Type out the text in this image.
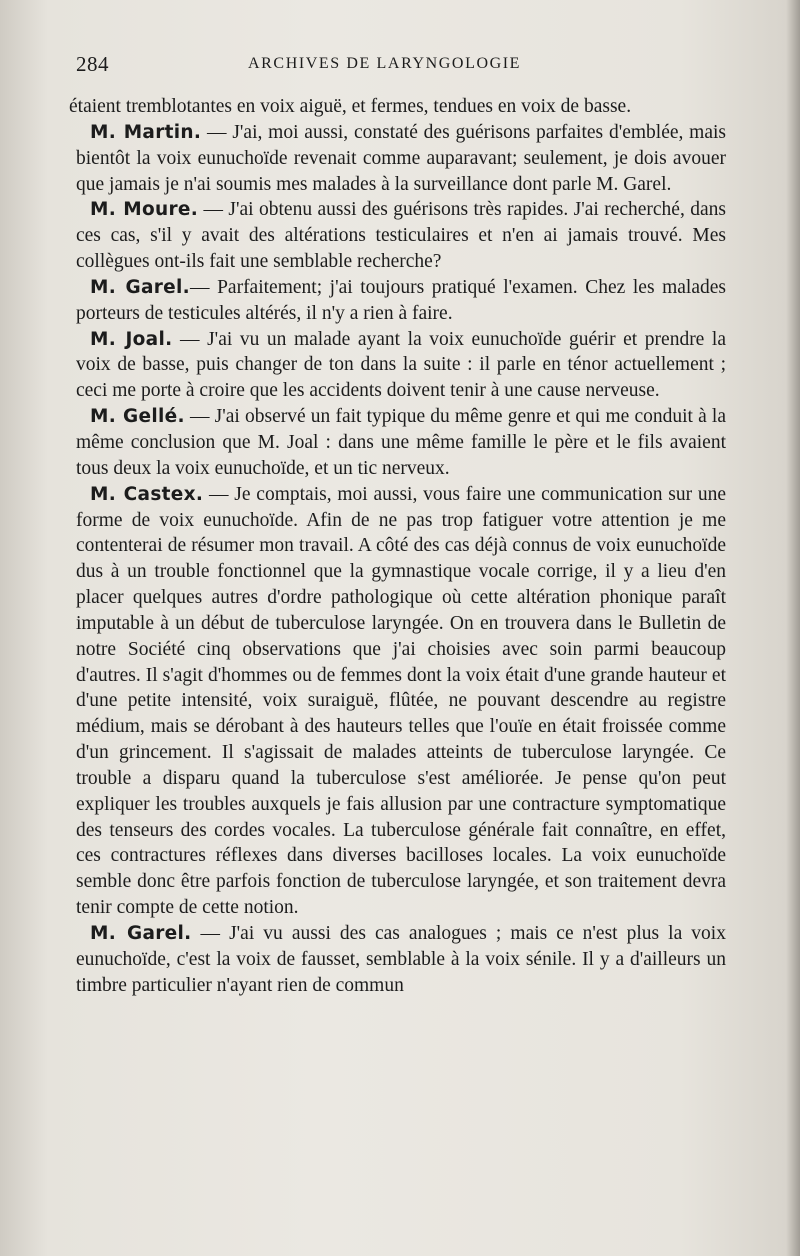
284	ARCHIVES DE LARYNGOLOGIE

étaient tremblotantes en voix aiguë, et fermes, tendues en voix de basse.

M. Martin. — J'ai, moi aussi, constaté des guérisons parfaites d'emblée, mais bientôt la voix eunuchoïde revenait comme auparavant; seulement, je dois avouer que jamais je n'ai soumis mes malades à la surveillance dont parle M. Garel.

M. Moure. — J'ai obtenu aussi des guérisons très rapides. J'ai recherché, dans ces cas, s'il y avait des altérations testiculaires et n'en ai jamais trouvé. Mes collègues ont-ils fait une semblable recherche?

M. Garel.— Parfaitement; j'ai toujours pratiqué l'examen. Chez les malades porteurs de testicules altérés, il n'y a rien à faire.

M. Joal. — J'ai vu un malade ayant la voix eunuchoïde guérir et prendre la voix de basse, puis changer de ton dans la suite : il parle en ténor actuellement ; ceci me porte à croire que les accidents doivent tenir à une cause nerveuse.

M. Gellé. — J'ai observé un fait typique du même genre et qui me conduit à la même conclusion que M. Joal : dans une même famille le père et le fils avaient tous deux la voix eunuchoïde, et un tic nerveux.

M. Castex. — Je comptais, moi aussi, vous faire une communication sur une forme de voix eunuchoïde. Afin de ne pas trop fatiguer votre attention je me contenterai de résumer mon travail. A côté des cas déjà connus de voix eunuchoïde dus à un trouble fonctionnel que la gymnastique vocale corrige, il y a lieu d'en placer quelques autres d'ordre pathologique où cette altération phonique paraît imputable à un début de tuberculose laryngée. On en trouvera dans le Bulletin de notre Société cinq observations que j'ai choisies avec soin parmi beaucoup d'autres. Il s'agit d'hommes ou de femmes dont la voix était d'une grande hauteur et d'une petite intensité, voix suraiguë, flûtée, ne pouvant descendre au registre médium, mais se dérobant à des hauteurs telles que l'ouïe en était froissée comme d'un grincement. Il s'agissait de malades atteints de tuberculose laryngée. Ce trouble a disparu quand la tuberculose s'est améliorée. Je pense qu'on peut expliquer les troubles auxquels je fais allusion par une contracture symptomatique des tenseurs des cordes vocales. La tuberculose générale fait connaître, en effet, ces contractures réflexes dans diverses bacilloses locales. La voix eunuchoïde semble donc être parfois fonction de tuberculose laryngée, et son traitement devra tenir compte de cette notion.

M. Garel. — J'ai vu aussi des cas analogues ; mais ce n'est plus la voix eunuchoïde, c'est la voix de fausset, semblable à la voix sénile. Il y a d'ailleurs un timbre particulier n'ayant rien de commun
